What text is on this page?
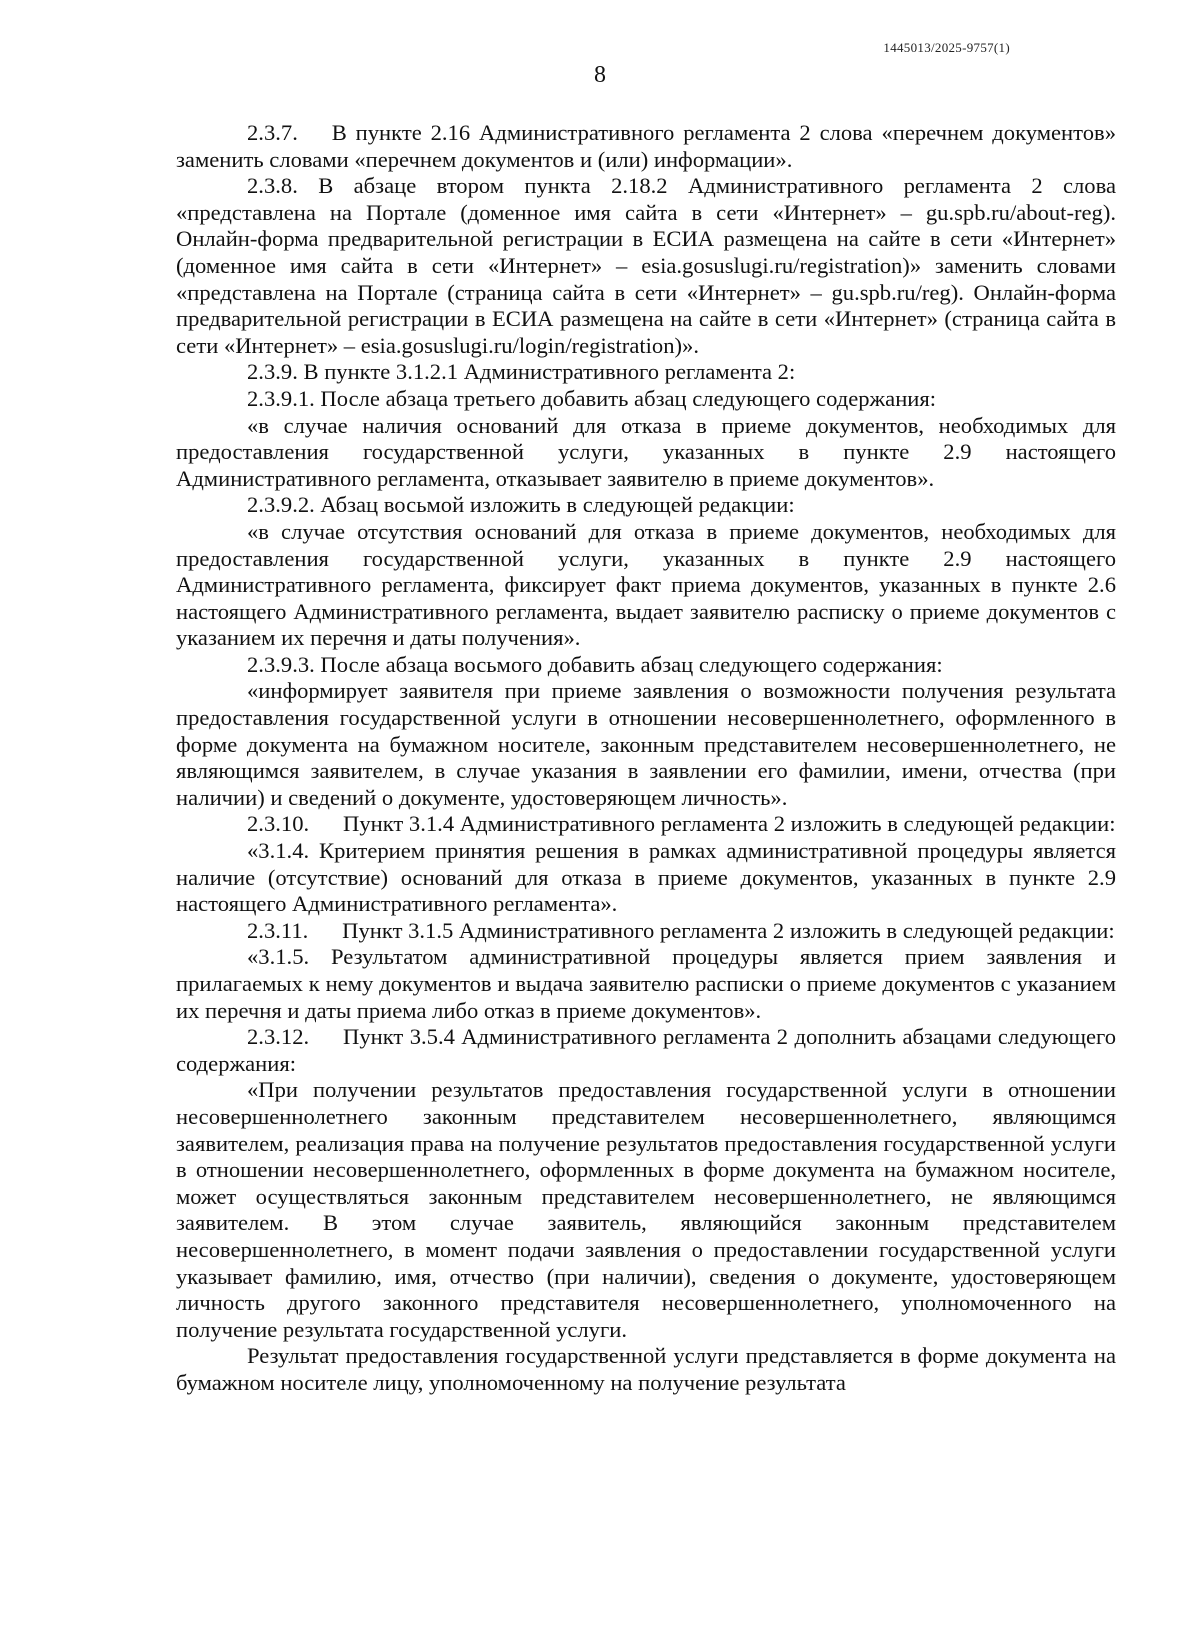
1445013/2025-9757(1)
8

2.3.7.  В пункте 2.16 Административного регламента 2 слова «перечнем документов» заменить словами «перечнем документов и (или) информации».

2.3.8. В абзаце втором пункта 2.18.2 Административного регламента 2 слова «представлена на Портале (доменное имя сайта в сети «Интернет» – gu.spb.ru/about-reg). Онлайн-форма предварительной регистрации в ЕСИА размещена на сайте в сети «Интернет» (доменное имя сайта в сети «Интернет» – esia.gosuslugi.ru/registration)» заменить словами «представлена на Портале (страница сайта в сети «Интернет» – gu.spb.ru/reg). Онлайн-форма предварительной регистрации в ЕСИА размещена на сайте в сети «Интернет» (страница сайта в сети «Интернет» – esia.gosuslugi.ru/login/registration)».

2.3.9. В пункте 3.1.2.1 Административного регламента 2:

2.3.9.1. После абзаца третьего добавить абзац следующего содержания:

«в случае наличия оснований для отказа в приеме документов, необходимых для предоставления государственной услуги, указанных в пункте 2.9 настоящего Административного регламента, отказывает заявителю в приеме документов».

2.3.9.2. Абзац восьмой изложить в следующей редакции:

«в случае отсутствия оснований для отказа в приеме документов, необходимых для предоставления государственной услуги, указанных в пункте 2.9 настоящего Административного регламента, фиксирует факт приема документов, указанных в пункте 2.6 настоящего Административного регламента, выдает заявителю расписку о приеме документов с указанием их перечня и даты получения».

2.3.9.3. После абзаца восьмого добавить абзац следующего содержания:

«информирует заявителя при приеме заявления о возможности получения результата предоставления государственной услуги в отношении несовершеннолетнего, оформленного в форме документа на бумажном носителе, законным представителем несовершеннолетнего, не являющимся заявителем, в случае указания в заявлении его фамилии, имени, отчества (при наличии) и сведений о документе, удостоверяющем личность».

2.3.10.  Пункт 3.1.4 Административного регламента 2 изложить в следующей редакции:

«3.1.4. Критерием принятия решения в рамках административной процедуры является наличие (отсутствие) оснований для отказа в приеме документов, указанных в пункте 2.9 настоящего Административного регламента».

2.3.11.  Пункт 3.1.5 Административного регламента 2 изложить в следующей редакции:

«3.1.5. Результатом административной процедуры является прием заявления и прилагаемых к нему документов и выдача заявителю расписки о приеме документов с указанием их перечня и даты приема либо отказ в приеме документов».

2.3.12.  Пункт 3.5.4 Административного регламента 2 дополнить абзацами следующего содержания:

«При получении результатов предоставления государственной услуги в отношении несовершеннолетнего законным представителем несовершеннолетнего, являющимся заявителем, реализация права на получение результатов предоставления государственной услуги в отношении несовершеннолетнего, оформленных в форме документа на бумажном носителе, может осуществляться законным представителем несовершеннолетнего, не являющимся заявителем. В этом случае заявитель, являющийся законным представителем несовершеннолетнего, в момент подачи заявления о предоставлении государственной услуги указывает фамилию, имя, отчество (при наличии), сведения о документе, удостоверяющем личность другого законного представителя несовершеннолетнего, уполномоченного на получение результата государственной услуги.

Результат предоставления государственной услуги представляется в форме документа на бумажном носителе лицу, уполномоченному на получение результата
